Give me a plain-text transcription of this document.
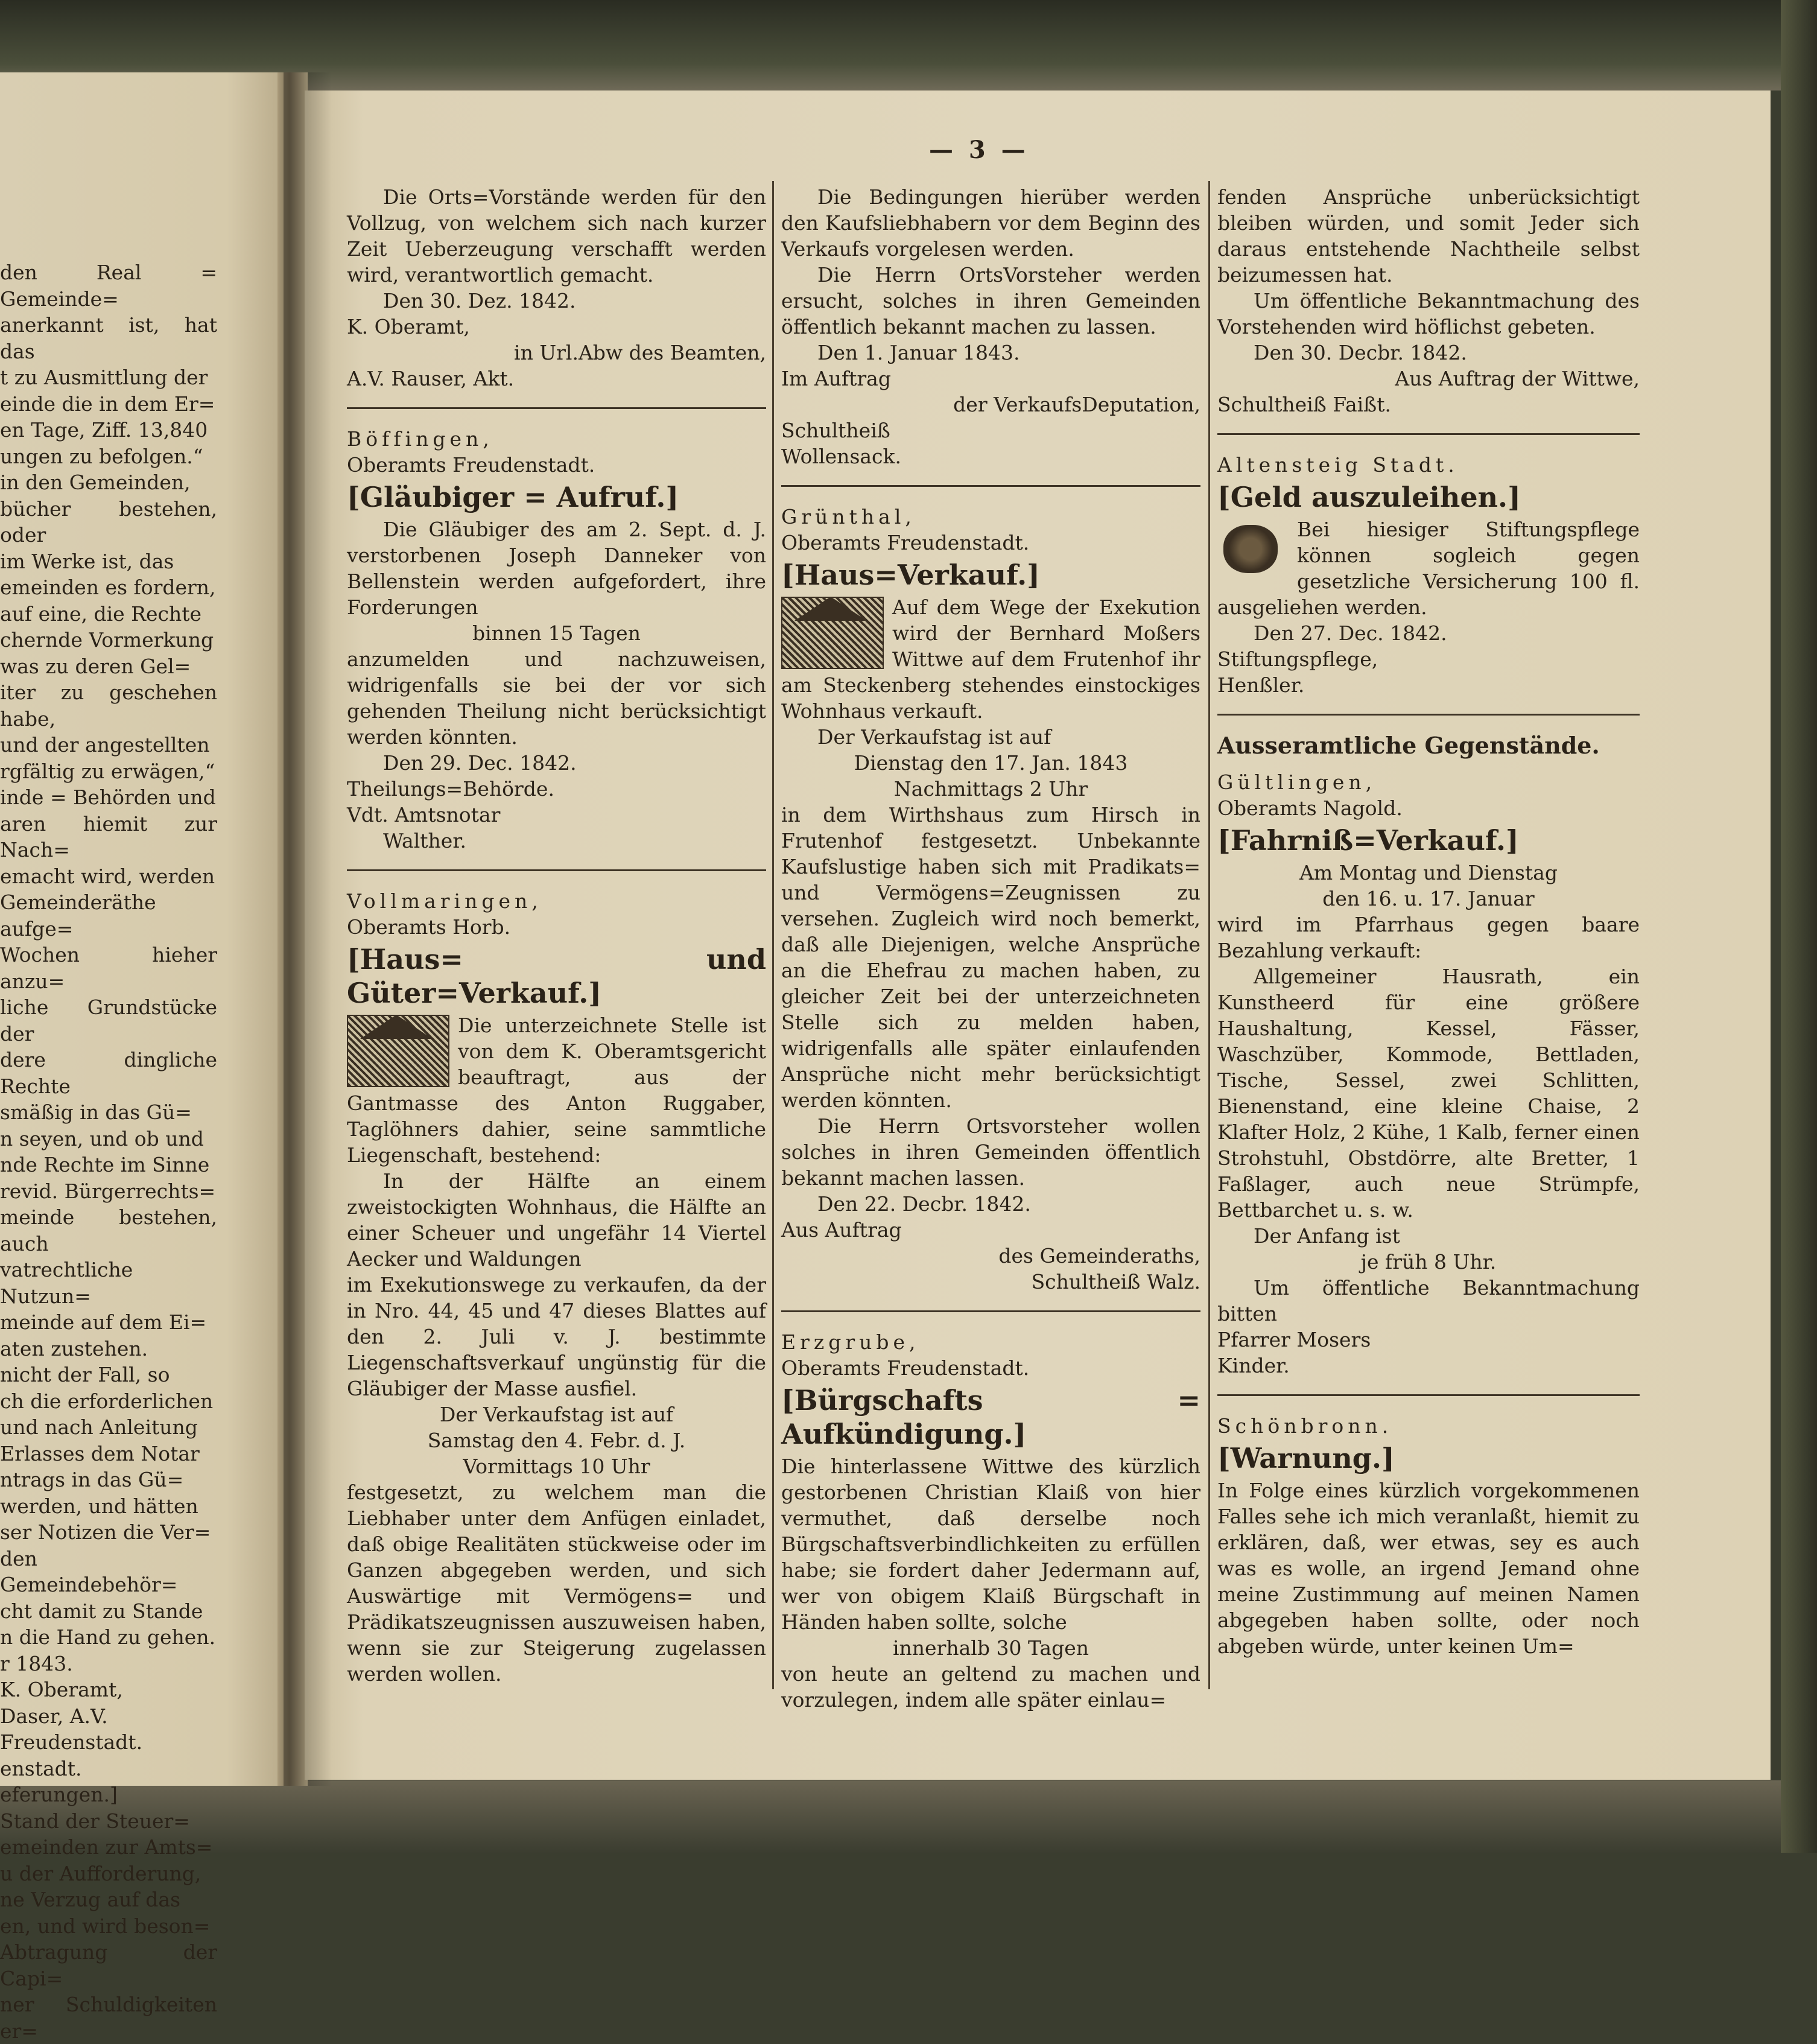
den Real = Gemeinde=

anerkannt ist, hat das

t zu Ausmittlung der

einde die in dem Er=

en Tage, Ziff. 13,840

ungen zu befolgen.“

in den Gemeinden,

bücher bestehen, oder

im Werke ist, das

emeinden es fordern,

auf eine, die Rechte

chernde Vormerkung

was zu deren Gel=

iter zu geschehen habe,

und der angestellten

rgfältig zu erwägen,“

inde = Behörden und

aren hiemit zur Nach=

emacht wird, werden

Gemeinderäthe aufge=

Wochen hieher anzu=

liche Grundstücke der

dere dingliche Rechte

smäßig in das Gü=

n seyen, und ob und

nde Rechte im Sinne

revid. Bürgerrechts=

meinde bestehen, auch

vatrechtliche Nutzun=

meinde auf dem Ei=

aten zustehen.

nicht der Fall, so

ch die erforderlichen

und nach Anleitung

Erlasses dem Notar

ntrags in das Gü=

werden, und hätten

ser Notizen die Ver=

den Gemeindebehör=

cht damit zu Stande

n die Hand zu gehen.

r 1843.

K. Oberamt,

Daser, A.V.

Freudenstadt.

enstadt.

eferungen.]

Stand der Steuer=

emeinden zur Amts=

u der Aufforderung,

ne Verzug auf das

en, und wird beson=

Abtragung der Capi=

ner Schuldigkeiten er=

— 3 —

Die Orts=Vorstände werden für den Vollzug, von welchem sich nach kurzer Zeit Ueberzeugung verschafft werden wird, verantwortlich gemacht.

Den 30. Dez. 1842.

K. Oberamt,

in Url.Abw des Beamten,

A.V. Rauser, Akt.

Böffingen,

Oberamts Freudenstadt.

[Gläubiger = Aufruf.]

Die Gläubiger des am 2. Sept. d. J. verstorbenen Joseph Danneker von Bellenstein werden aufgefordert, ihre Forderungen

binnen 15 Tagen

anzumelden und nachzuweisen, widrigenfalls sie bei der vor sich gehenden Theilung nicht berücksichtigt werden könnten.

Den 29. Dec. 1842.

Theilungs=Behörde.

Vdt. Amtsnotar

Walther.

Vollmaringen,

Oberamts Horb.

[Haus= und Güter=Verkauf.]

Die unterzeichnete Stelle ist von dem K. Oberamtsgericht beauftragt, aus der Gantmasse des Anton Ruggaber, Taglöhners dahier, seine sammtliche Liegenschaft, bestehend:

In der Hälfte an einem zweistockigten Wohnhaus, die Hälfte an einer Scheuer und ungefähr 14 Viertel Aecker und Waldungen

im Exekutionswege zu verkaufen, da der in Nro. 44, 45 und 47 dieses Blattes auf den 2. Juli v. J. bestimmte Liegenschaftsverkauf ungünstig für die Gläubiger der Masse ausfiel.

Der Verkaufstag ist auf

Samstag den 4. Febr. d. J.

Vormittags 10 Uhr

festgesetzt, zu welchem man die Liebhaber unter dem Anfügen einladet, daß obige Realitäten stückweise oder im Ganzen abgegeben werden, und sich Auswärtige mit Vermögens= und Prädikatszeugnissen auszuweisen haben, wenn sie zur Steigerung zugelassen werden wollen.

Die Bedingungen hierüber werden den Kaufsliebhabern vor dem Beginn des Verkaufs vorgelesen werden.

Die Herrn OrtsVorsteher werden ersucht, solches in ihren Gemeinden öffentlich bekannt machen zu lassen.

Den 1. Januar 1843.

Im Auftrag

der VerkaufsDeputation,

Schultheiß

Wollensack.

Grünthal,

Oberamts Freudenstadt.

[Haus=Verkauf.]

Auf dem Wege der Exekution wird der Bernhard Moßers Wittwe auf dem Frutenhof ihr am Steckenberg stehendes einstockiges Wohnhaus verkauft.

Der Verkaufstag ist auf

Dienstag den 17. Jan. 1843

Nachmittags 2 Uhr

in dem Wirthshaus zum Hirsch in Frutenhof festgesetzt. Unbekannte Kaufslustige haben sich mit Pradikats= und Vermögens=Zeugnissen zu versehen. Zugleich wird noch bemerkt, daß alle Diejenigen, welche Ansprüche an die Ehefrau zu machen haben, zu gleicher Zeit bei der unterzeichneten Stelle sich zu melden haben, widrigenfalls alle später einlaufenden Ansprüche nicht mehr berücksichtigt werden könnten.

Die Herrn Ortsvorsteher wollen solches in ihren Gemeinden öffentlich bekannt machen lassen.

Den 22. Decbr. 1842.

Aus Auftrag

des Gemeinderaths,

Schultheiß Walz.

Erzgrube,

Oberamts Freudenstadt.

[Bürgschafts = Aufkündigung.]

Die hinterlassene Wittwe des kürzlich gestorbenen Christian Klaiß von hier vermuthet, daß derselbe noch Bürgschaftsverbindlichkeiten zu erfüllen habe; sie fordert daher Jedermann auf, wer von obigem Klaiß Bürgschaft in Händen haben sollte, solche

innerhalb 30 Tagen

von heute an geltend zu machen und vorzulegen, indem alle später einlau=

fenden Ansprüche unberücksichtigt bleiben würden, und somit Jeder sich daraus entstehende Nachtheile selbst beizumessen hat.

Um öffentliche Bekanntmachung des Vorstehenden wird höflichst gebeten.

Den 30. Decbr. 1842.

Aus Auftrag der Wittwe,

Schultheiß Faißt.

Altensteig Stadt.

[Geld auszuleihen.]

Bei hiesiger Stiftungspflege können sogleich gegen gesetzliche Versicherung 100 fl. ausgeliehen werden.

Den 27. Dec. 1842.

Stiftungspflege,

Henßler.

Ausseramtliche Gegenstände.

Gültlingen,

Oberamts Nagold.

[Fahrniß=Verkauf.]

Am Montag und Dienstag

den 16. u. 17. Januar

wird im Pfarrhaus gegen baare Bezahlung verkauft:

Allgemeiner Hausrath, ein Kunstheerd für eine größere Haushaltung, Kessel, Fässer, Waschzüber, Kommode, Bettladen, Tische, Sessel, zwei Schlitten, Bienenstand, eine kleine Chaise, 2 Klafter Holz, 2 Kühe, 1 Kalb, ferner einen Strohstuhl, Obstdörre, alte Bretter, 1 Faßlager, auch neue Strümpfe, Bettbarchet u. s. w.

Der Anfang ist

je früh 8 Uhr.

Um öffentliche Bekanntmachung bitten

Pfarrer Mosers

Kinder.

Schönbronn.

[Warnung.]

In Folge eines kürzlich vorgekommenen Falles sehe ich mich veranlaßt, hiemit zu erklären, daß, wer etwas, sey es auch was es wolle, an irgend Jemand ohne meine Zustimmung auf meinen Namen abgegeben haben sollte, oder noch abgeben würde, unter keinen Um=
